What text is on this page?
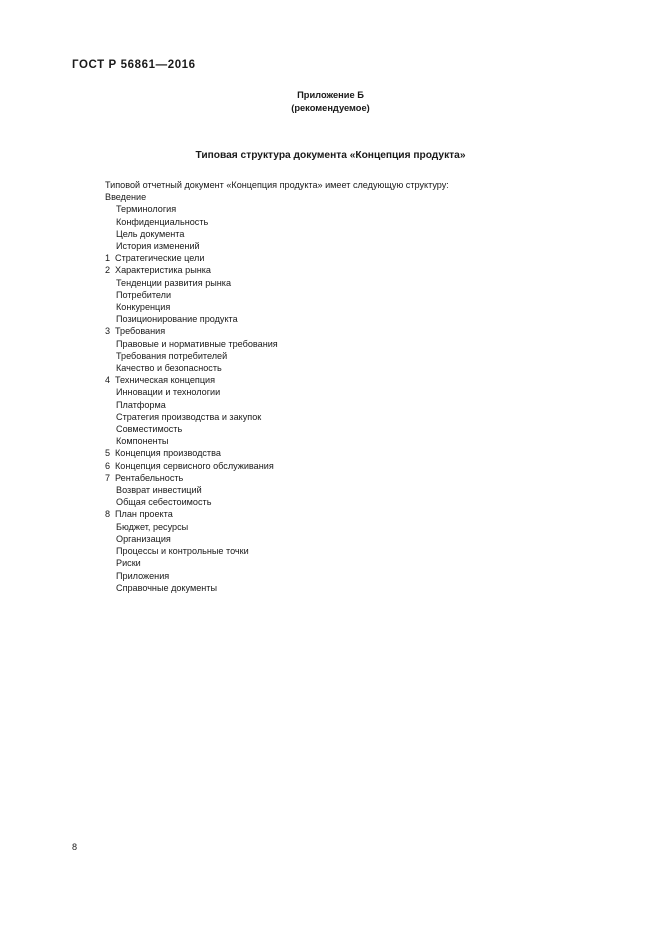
ГОСТ Р 56861—2016
Приложение Б
(рекомендуемое)
Типовая структура документа «Концепция продукта»
Типовой отчетный документ «Концепция продукта» имеет следующую структуру:
Введение
Терминология
Конфиденциальность
Цель документа
История изменений
1 Стратегические цели
2 Характеристика рынка
Тенденции развития рынка
Потребители
Конкуренция
Позиционирование продукта
3 Требования
Правовые и нормативные требования
Требования потребителей
Качество и безопасность
4 Техническая концепция
Инновации и технологии
Платформа
Стратегия производства и закупок
Совместимость
Компоненты
5 Концепция производства
6 Концепция сервисного обслуживания
7 Рентабельность
Возврат инвестиций
Общая себестоимость
8 План проекта
Бюджет, ресурсы
Организация
Процессы и контрольные точки
Риски
Приложения
Справочные документы
8
